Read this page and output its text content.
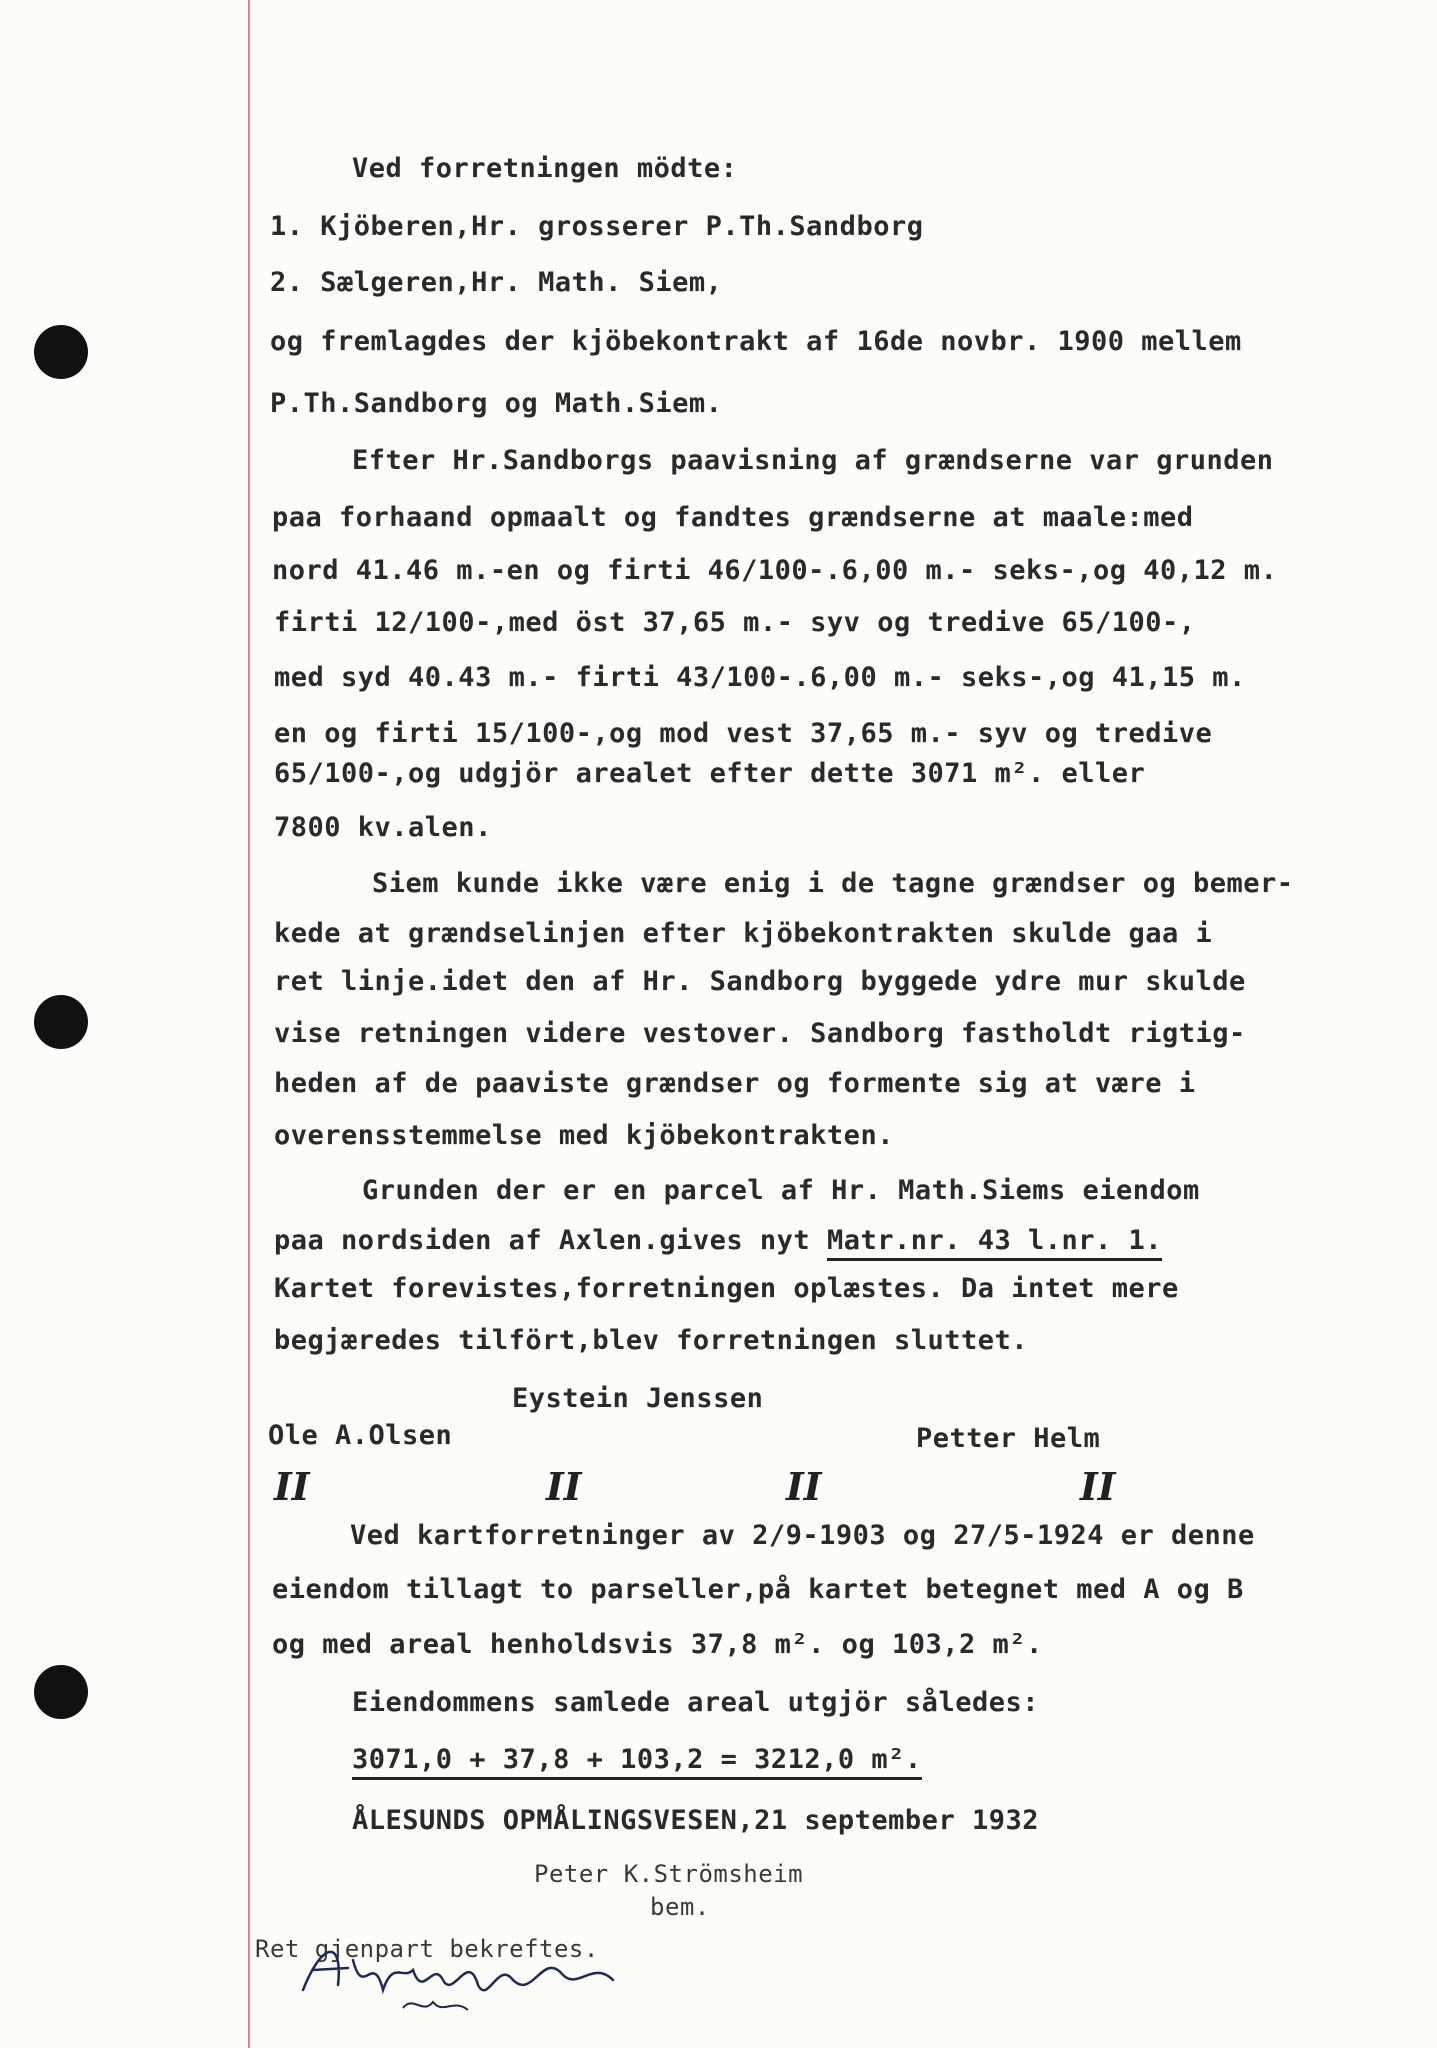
Ved forretningen mödte:
1. Kjöberen,Hr. grosserer P.Th.Sandborg
2. Sælgeren,Hr. Math. Siem,
og fremlagdes der kjöbekontrakt af 16de novbr. 1900 mellem
P.Th.Sandborg og Math.Siem.
Efter Hr.Sandborgs paavisning af grændserne var grunden
paa forhaand opmaalt og fandtes grændserne at maale:med
nord 41.46 m.-en og firti 46/100-.6,00 m.- seks-,og 40,12 m.
firti 12/100-,med öst 37,65 m.- syv og tredive 65/100-,
med syd 40.43 m.- firti 43/100-.6,00 m.- seks-,og 41,15 m.
en og firti 15/100-,og mod vest 37,65 m.- syv og tredive
65/100-,og udgjör arealet efter dette 3071 m². eller
7800 kv.alen.
Siem kunde ikke være enig i de tagne grændser og bemer-
kede at grændselinjen efter kjöbekontrakten skulde gaa i
ret linje.idet den af Hr. Sandborg byggede ydre mur skulde
vise retningen videre vestover. Sandborg fastholdt rigtig-
heden af de paaviste grændser og formente sig at være i
overensstemmelse med kjöbekontrakten.
Grunden der er en parcel af Hr. Math.Siems eiendom
paa nordsiden af Axlen.gives nyt Matr.nr. 43 l.nr. 1.
Kartet forevistes,forretningen oplæstes. Da intet mere
begjæredes tilfört,blev forretningen sluttet.
Eystein Jenssen
Ole A.Olsen	Petter Helm
II	II	II	II
Ved kartforretninger av 2/9-1903 og 27/5-1924 er denne
eiendom tillagt to parseller,på kartet betegnet med A og B
og med areal henholdsvis 37,8 m². og 103,2 m².
Eiendommens samlede areal utgjör således:
3071,0 + 37,8 + 103,2 = 3212,0 m².
ÅLESUNDS OPMÅLINGSVESEN,21 september 1932
Peter K.Strömsheim
bem.
Ret gjenpart bekreftes.
